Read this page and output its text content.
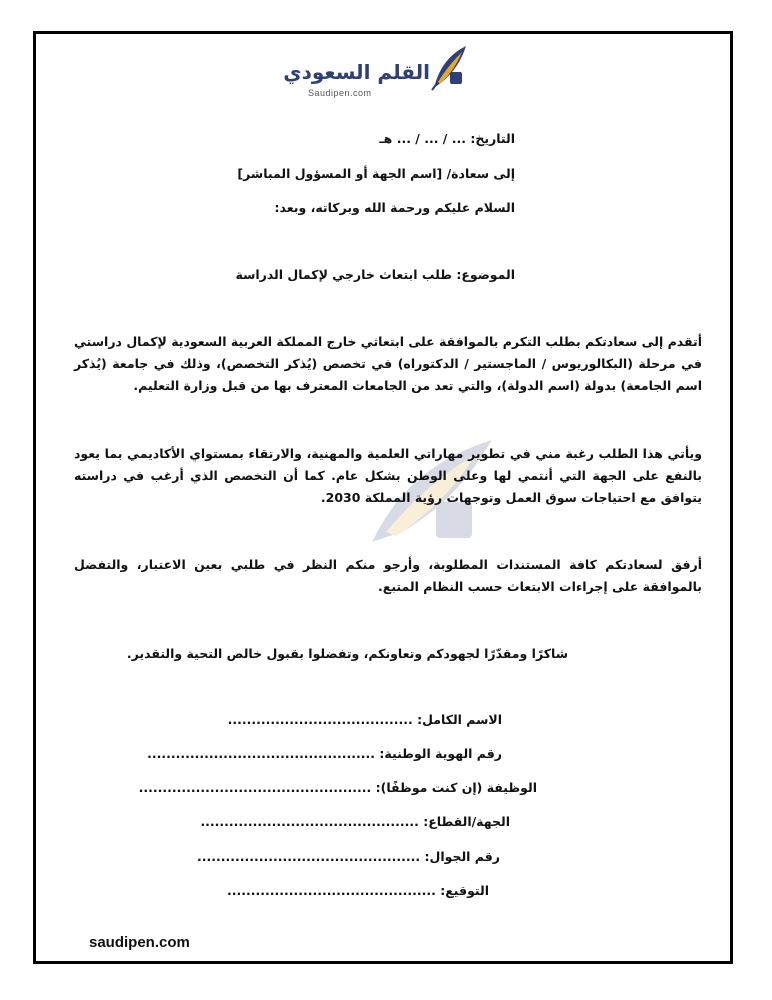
القلم السعودي
Saudipen.com
التاريخ: ... / ... / ... هـ
إلى سعادة/ [اسم الجهة أو المسؤول المباشر]
السلام عليكم ورحمة الله وبركاته، وبعد:
الموضوع: طلب ابتعاث خارجي لإكمال الدراسة
أتقدم إلى سعادتكم بطلب التكرم بالموافقة على ابتعاثي خارج المملكة العربية السعودية لإكمال دراستي في مرحلة (البكالوريوس / الماجستير / الدكتوراه) في تخصص (يُذكر التخصص)، وذلك في جامعة (يُذكر اسم الجامعة) بدولة (اسم الدولة)، والتي تعد من الجامعات المعترف بها من قبل وزارة التعليم.
ويأتي هذا الطلب رغبة مني في تطوير مهاراتي العلمية والمهنية، والارتقاء بمستواي الأكاديمي بما يعود بالنفع على الجهة التي أنتمي لها وعلى الوطن بشكل عام. كما أن التخصص الذي أرغب في دراسته يتوافق مع احتياجات سوق العمل وتوجهات رؤية المملكة 2030.
أرفق لسعادتكم كافة المستندات المطلوبة، وأرجو منكم النظر في طلبي بعين الاعتبار، والتفضل بالموافقة على إجراءات الابتعاث حسب النظام المتبع.
شاكرًا ومقدّرًا لجهودكم وتعاونكم، وتفضلوا بقبول خالص التحية والتقدير.
الاسم الكامل: .......................................
رقم الهوية الوطنية: ................................................
الوظيفة (إن كنت موظفًا): .................................................
الجهة/القطاع: ..............................................
رقم الجوال: ...............................................
التوقيع: ............................................
saudipen.com
